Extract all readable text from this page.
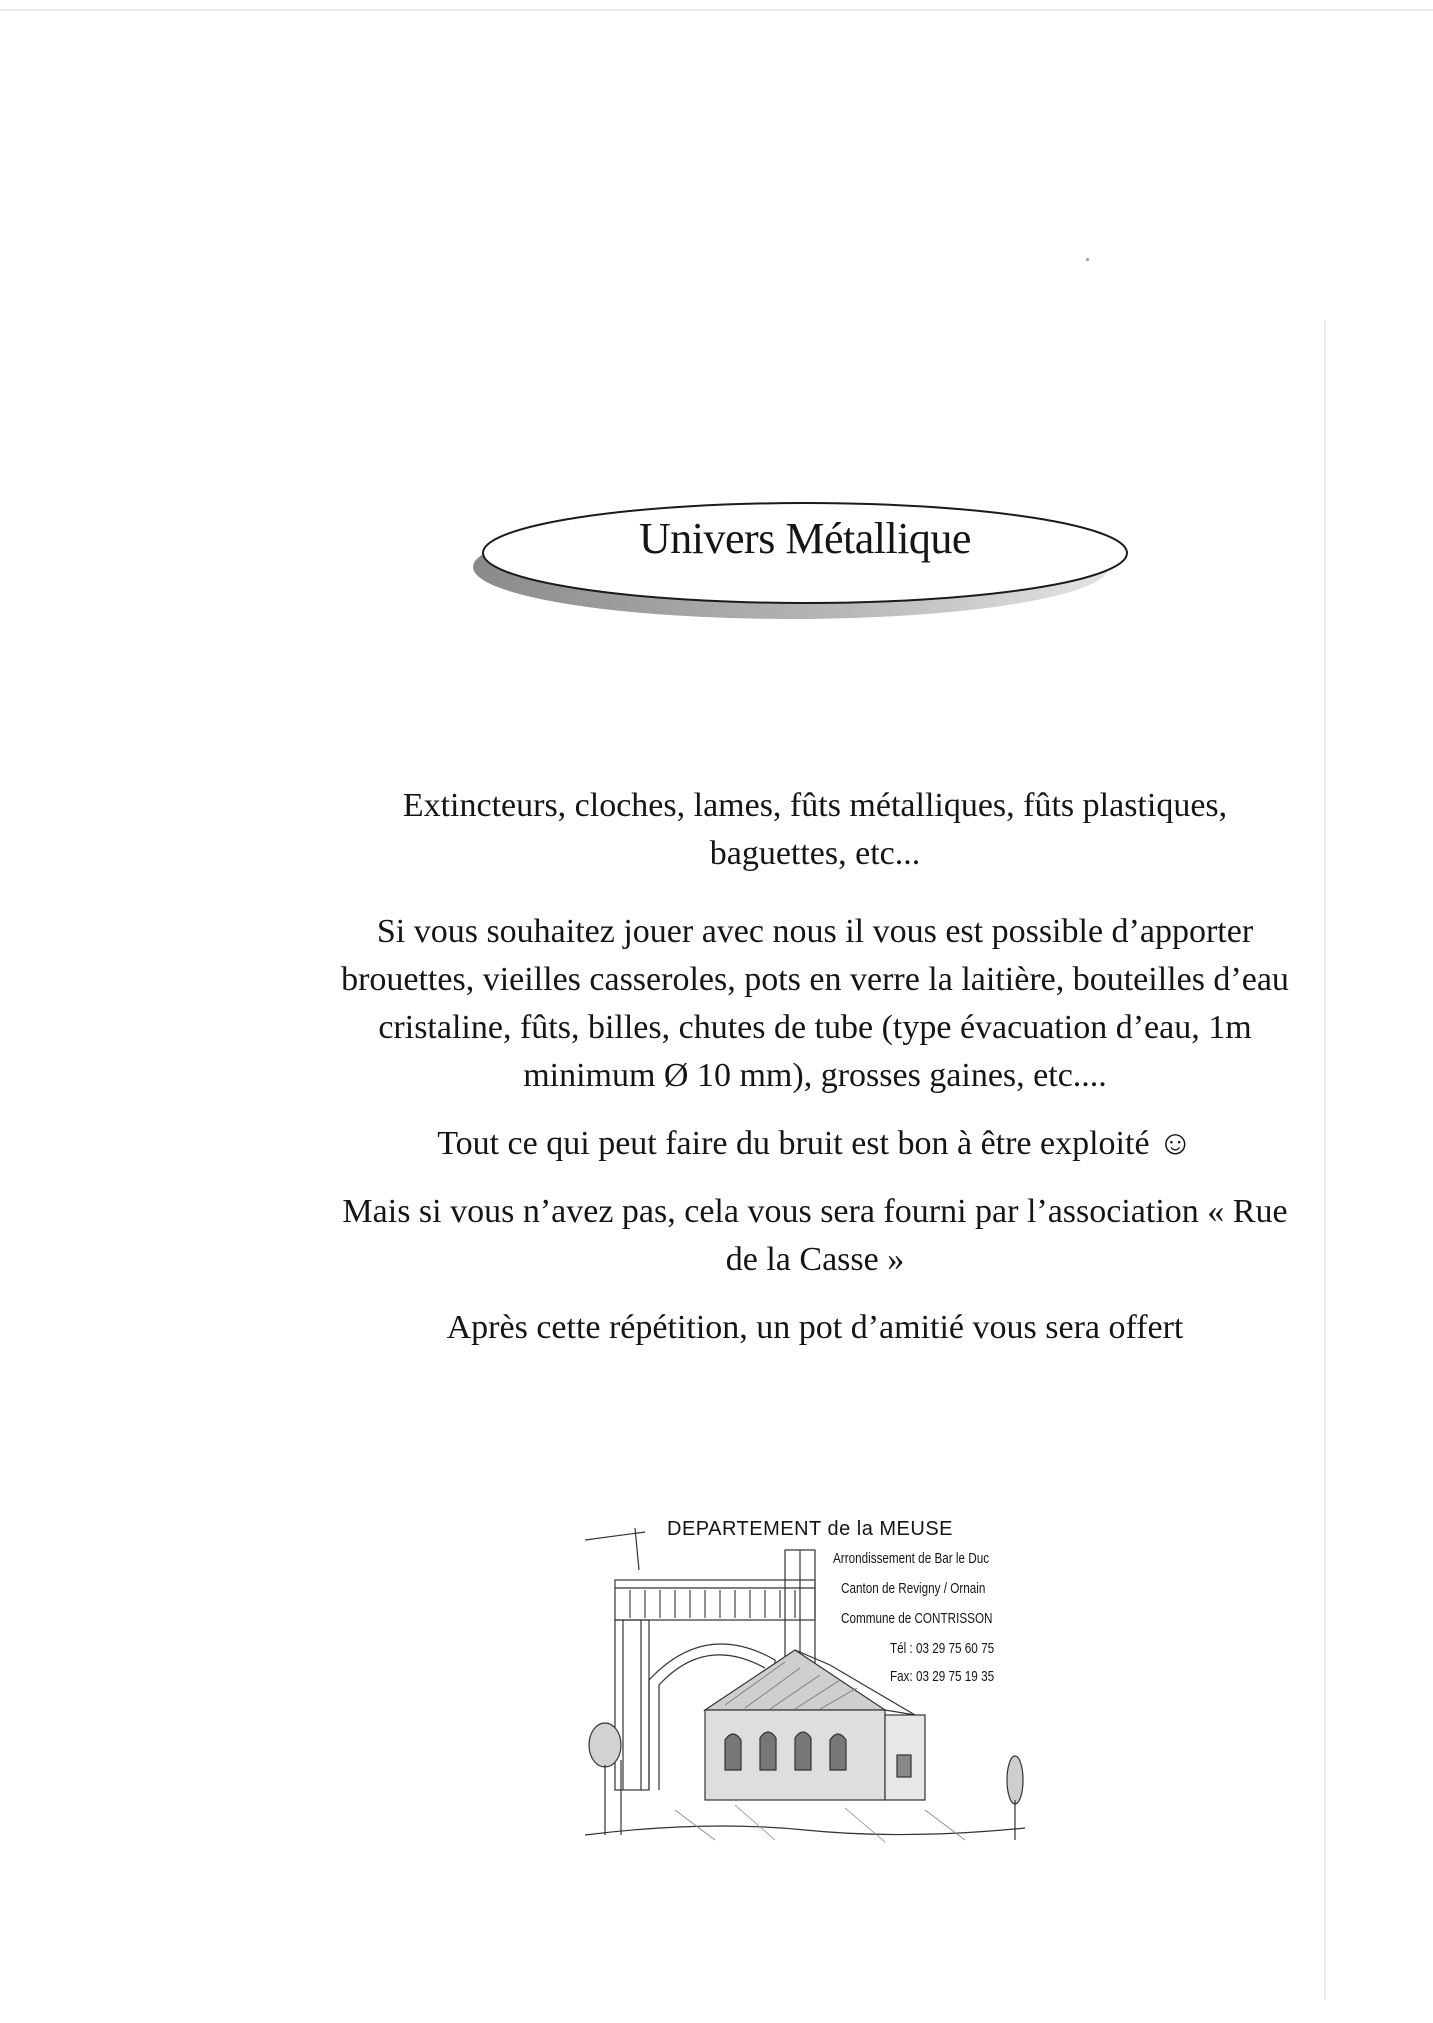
Univers Métallique

Extincteurs, cloches, lames, fûts métalliques, fûts plastiques, baguettes, etc...

Si vous souhaitez jouer avec nous il vous est possible d’apporter brouettes, vieilles casseroles, pots en verre la laitière, bouteilles d’eau cristaline, fûts, billes, chutes de tube (type évacuation d’eau, 1m minimum Ø 10 mm), grosses gaines, etc....

Tout ce qui peut faire du bruit est bon à être exploité ☺

Mais si vous n’avez pas, cela vous sera fourni par l’association « Rue de la Casse »

Après cette répétition, un pot d’amitié vous sera offert

DEPARTEMENT de la MEUSE
Arrondissement de Bar le Duc
Canton de Revigny / Ornain
Commune de CONTRISSON
Tél : 03 29 75 60 75
Fax: 03 29 75 19 35
